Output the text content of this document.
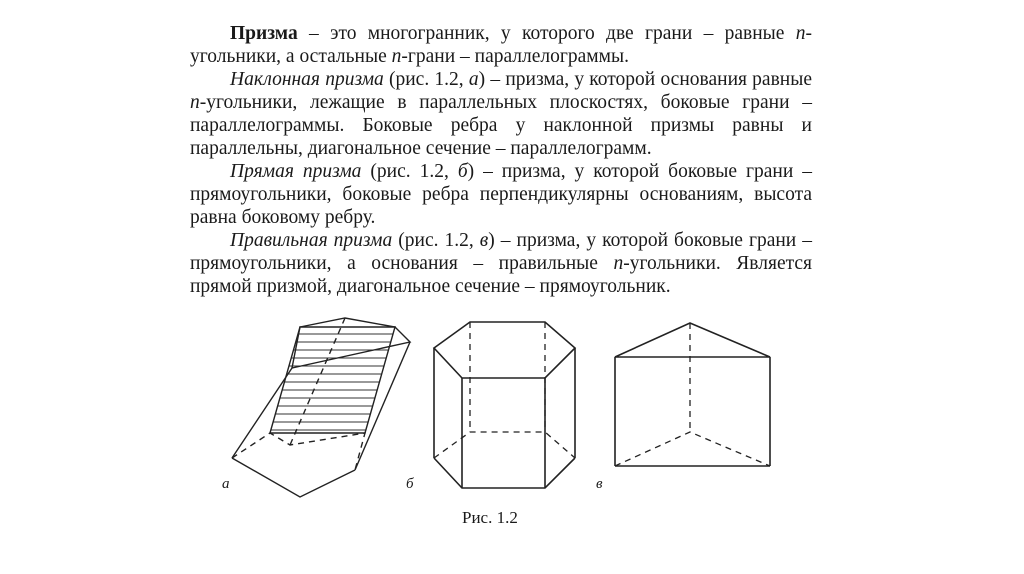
Призма – это многогранник, у которого две грани – равные n-угольники, а остальные n-грани – параллелограммы.

Наклонная призма (рис. 1.2, а) – призма, у которой основания равные n-угольники, лежащие в параллельных плоскостях, боковые грани – параллелограммы. Боковые ребра у наклонной призмы равны и параллельны, диагональное сечение – параллелограмм.

Прямая призма (рис. 1.2, б) – призма, у которой боковые грани – прямоугольники, боковые ребра перпендикулярны основаниям, высота равна боковому ребру.

Правильная призма (рис. 1.2, в) – призма, у которой боковые грани – прямоугольники, а основания – правильные n-угольники. Является прямой призмой, диагональное сечение – прямоугольник.

а	б	в
Рис. 1.2
